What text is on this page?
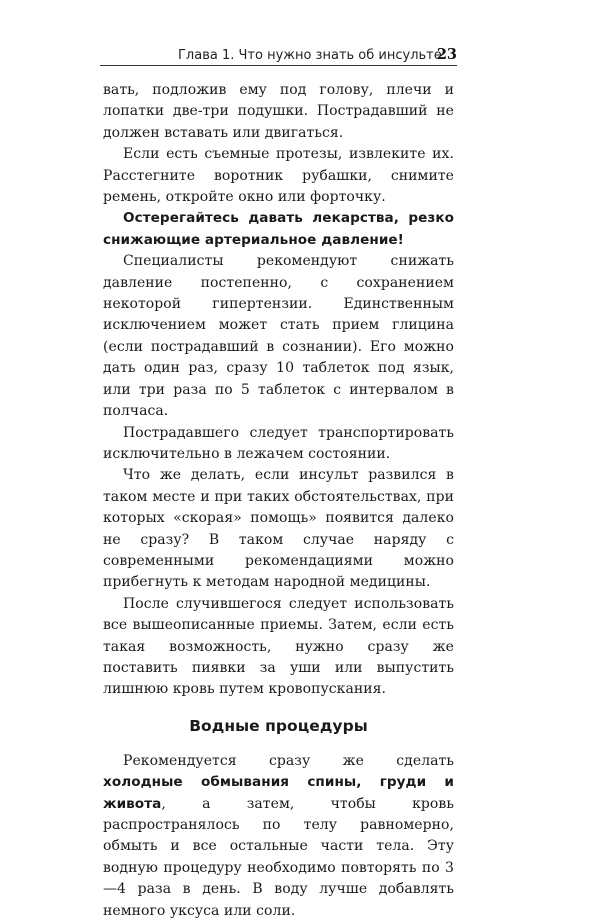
Глава 1. Что нужно знать об инсульте
23

вать, подложив ему под голову, плечи и лопатки две-три подушки. Пострадавший не должен вставать или двигаться.

Если есть съемные протезы, извлеките их. Расстегните воротник рубашки, снимите ремень, откройте окно или форточку.

Остерегайтесь давать лекарства, резко снижающие артериальное давление!

Специалисты рекомендуют снижать давление постепенно, с сохранением некоторой гипертензии. Единственным исключением может стать прием глицина (если пострадавший в сознании). Его можно дать один раз, сразу 10 таблеток под язык, или три раза по 5 таблеток с интервалом в полчаса.

Пострадавшего следует транспортировать исключительно в лежачем состоянии.

Что же делать, если инсульт развился в таком месте и при таких обстоятельствах, при которых «скорая» помощь» появится далеко не сразу? В таком случае наряду с современными рекомендациями можно прибегнуть к методам народной медицины.

После случившегося следует использовать все вышеописанные приемы. Затем, если есть такая возможность, нужно сразу же поставить пиявки за уши или выпустить лишнюю кровь путем кровопускания.

Водные процедуры

Рекомендуется сразу же сделать холодные обмывания спины, груди и живота, а затем, чтобы кровь распространялось по телу равномерно, обмыть и все остальные части тела. Эту водную процедуру необходимо повторять по 3—4 раза в день. В воду лучше добавлять немного уксуса или соли.
